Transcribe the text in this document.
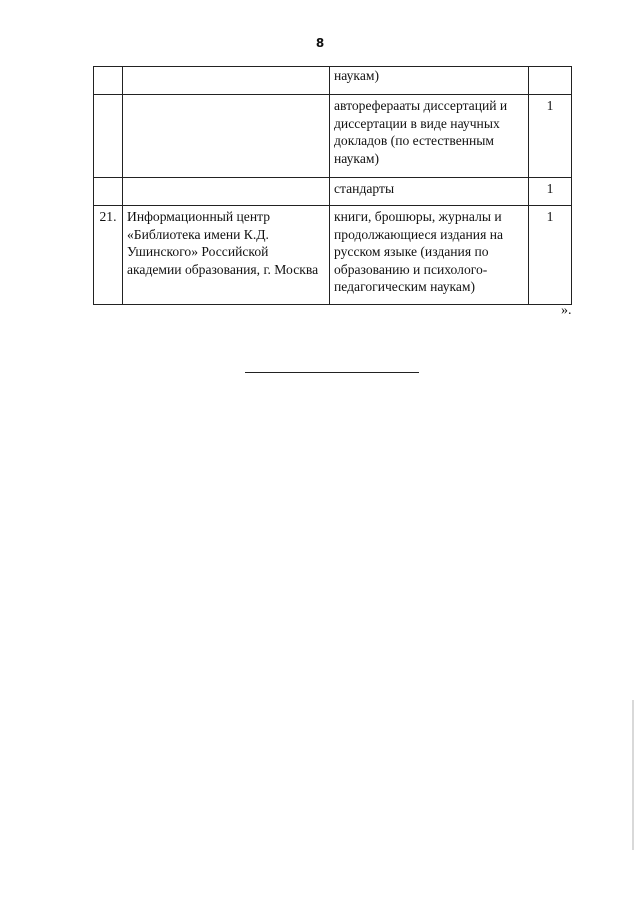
8
		наукам)	
		автореферааты диссертаций и диссертации в виде научных докладов (по естественным наукам)	1
		стандарты	1
21.	Информационный центр «Библиотека имени К.Д. Ушинского» Российской академии образования, г. Москва	книги, брошюры, журналы и продолжающиеся издания на русском языке (издания по образованию и психолого-педагогическим наукам)	1
».
